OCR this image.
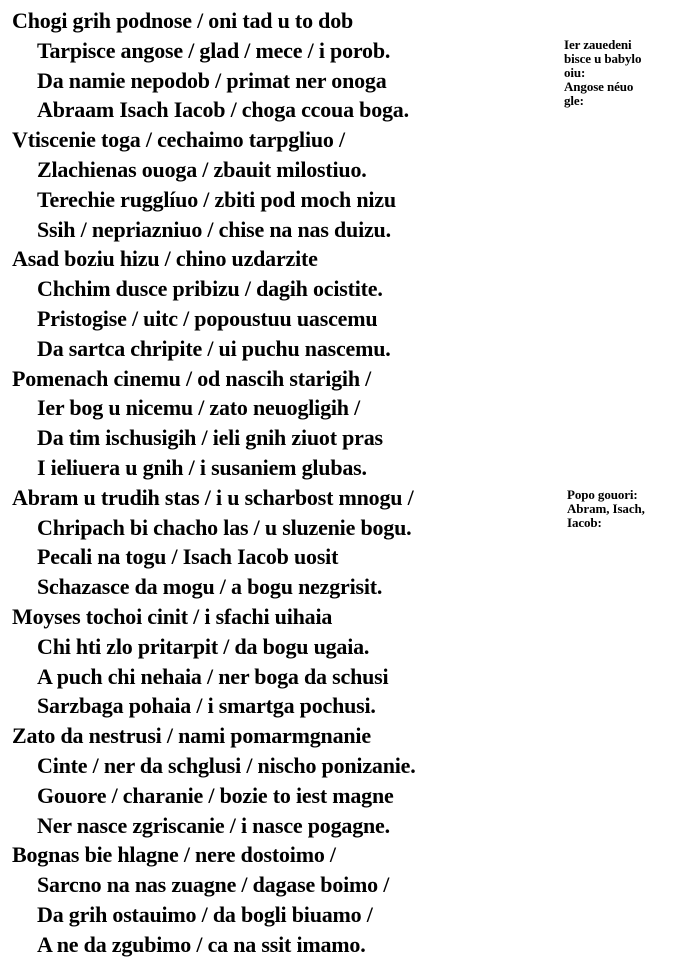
Chogi grih podnose / oni tad u to dob
Tarpisce angose / glad / mece / i porob.
Da namie nepodob / primat ner onoga
Abraam Isach Iacob / choga ccoua boga.
Vtiscenie toga / cechaimo tarpgliuo /
Zlachienas ouoga / zbauit milostiuo.
Terechie rugglíuo / zbiti pod moch nizu
Ssih / nepriazniuo / chise na nas duizu.
Asad boziu hizu / chino uzdarzite
Chchim dusce pribizu / dagih ocistite.
Pristogise / uitc / popoustuu uascemu
Da sartca chripite / ui puchu nascemu.
Pomenach cinemu / od nascih starigih /
Ier bog u nicemu / zato neuogligih /
Da tim ischusigih / ieli gnih ziuot pras
I ieliuera u gnih / i susaniem glubas.
Abram u trudih stas / i u scharbost mnogu /
Chripach bi chacho las / u sluzenie bogu.
Pecali na togu / Isach Iacob uosit
Schazasce da mogu / a bogu nezgrisit.
Moyses tochoi cinit / i sfachi uihaia
Chi hti zlo pritarpit / da bogu ugaia.
A puch chi nehaia / ner boga da schusi
Sarzbaga pohaia / i smartga pochusi.
Zato da nestrusi / nami pomarmgnanie
Cinte / ner da schglusi / nischo ponizanie.
Gouore / charanie / bozie to iest magne
Ner nasce zgriscanie / i nasce pogagne.
Bognas bie hlagne / nere dostoimo /
Sarcno na nas zuagne / dagase boimo /
Da grih ostauimo / da bogli biuamo /
A ne da zgubimo / ca na ssit imamo.
Ier zauedeni
bisce u babylo
oiu:
Angose néuo
gle:
Popo gouori:
Abram, Isach,
Iacob:
